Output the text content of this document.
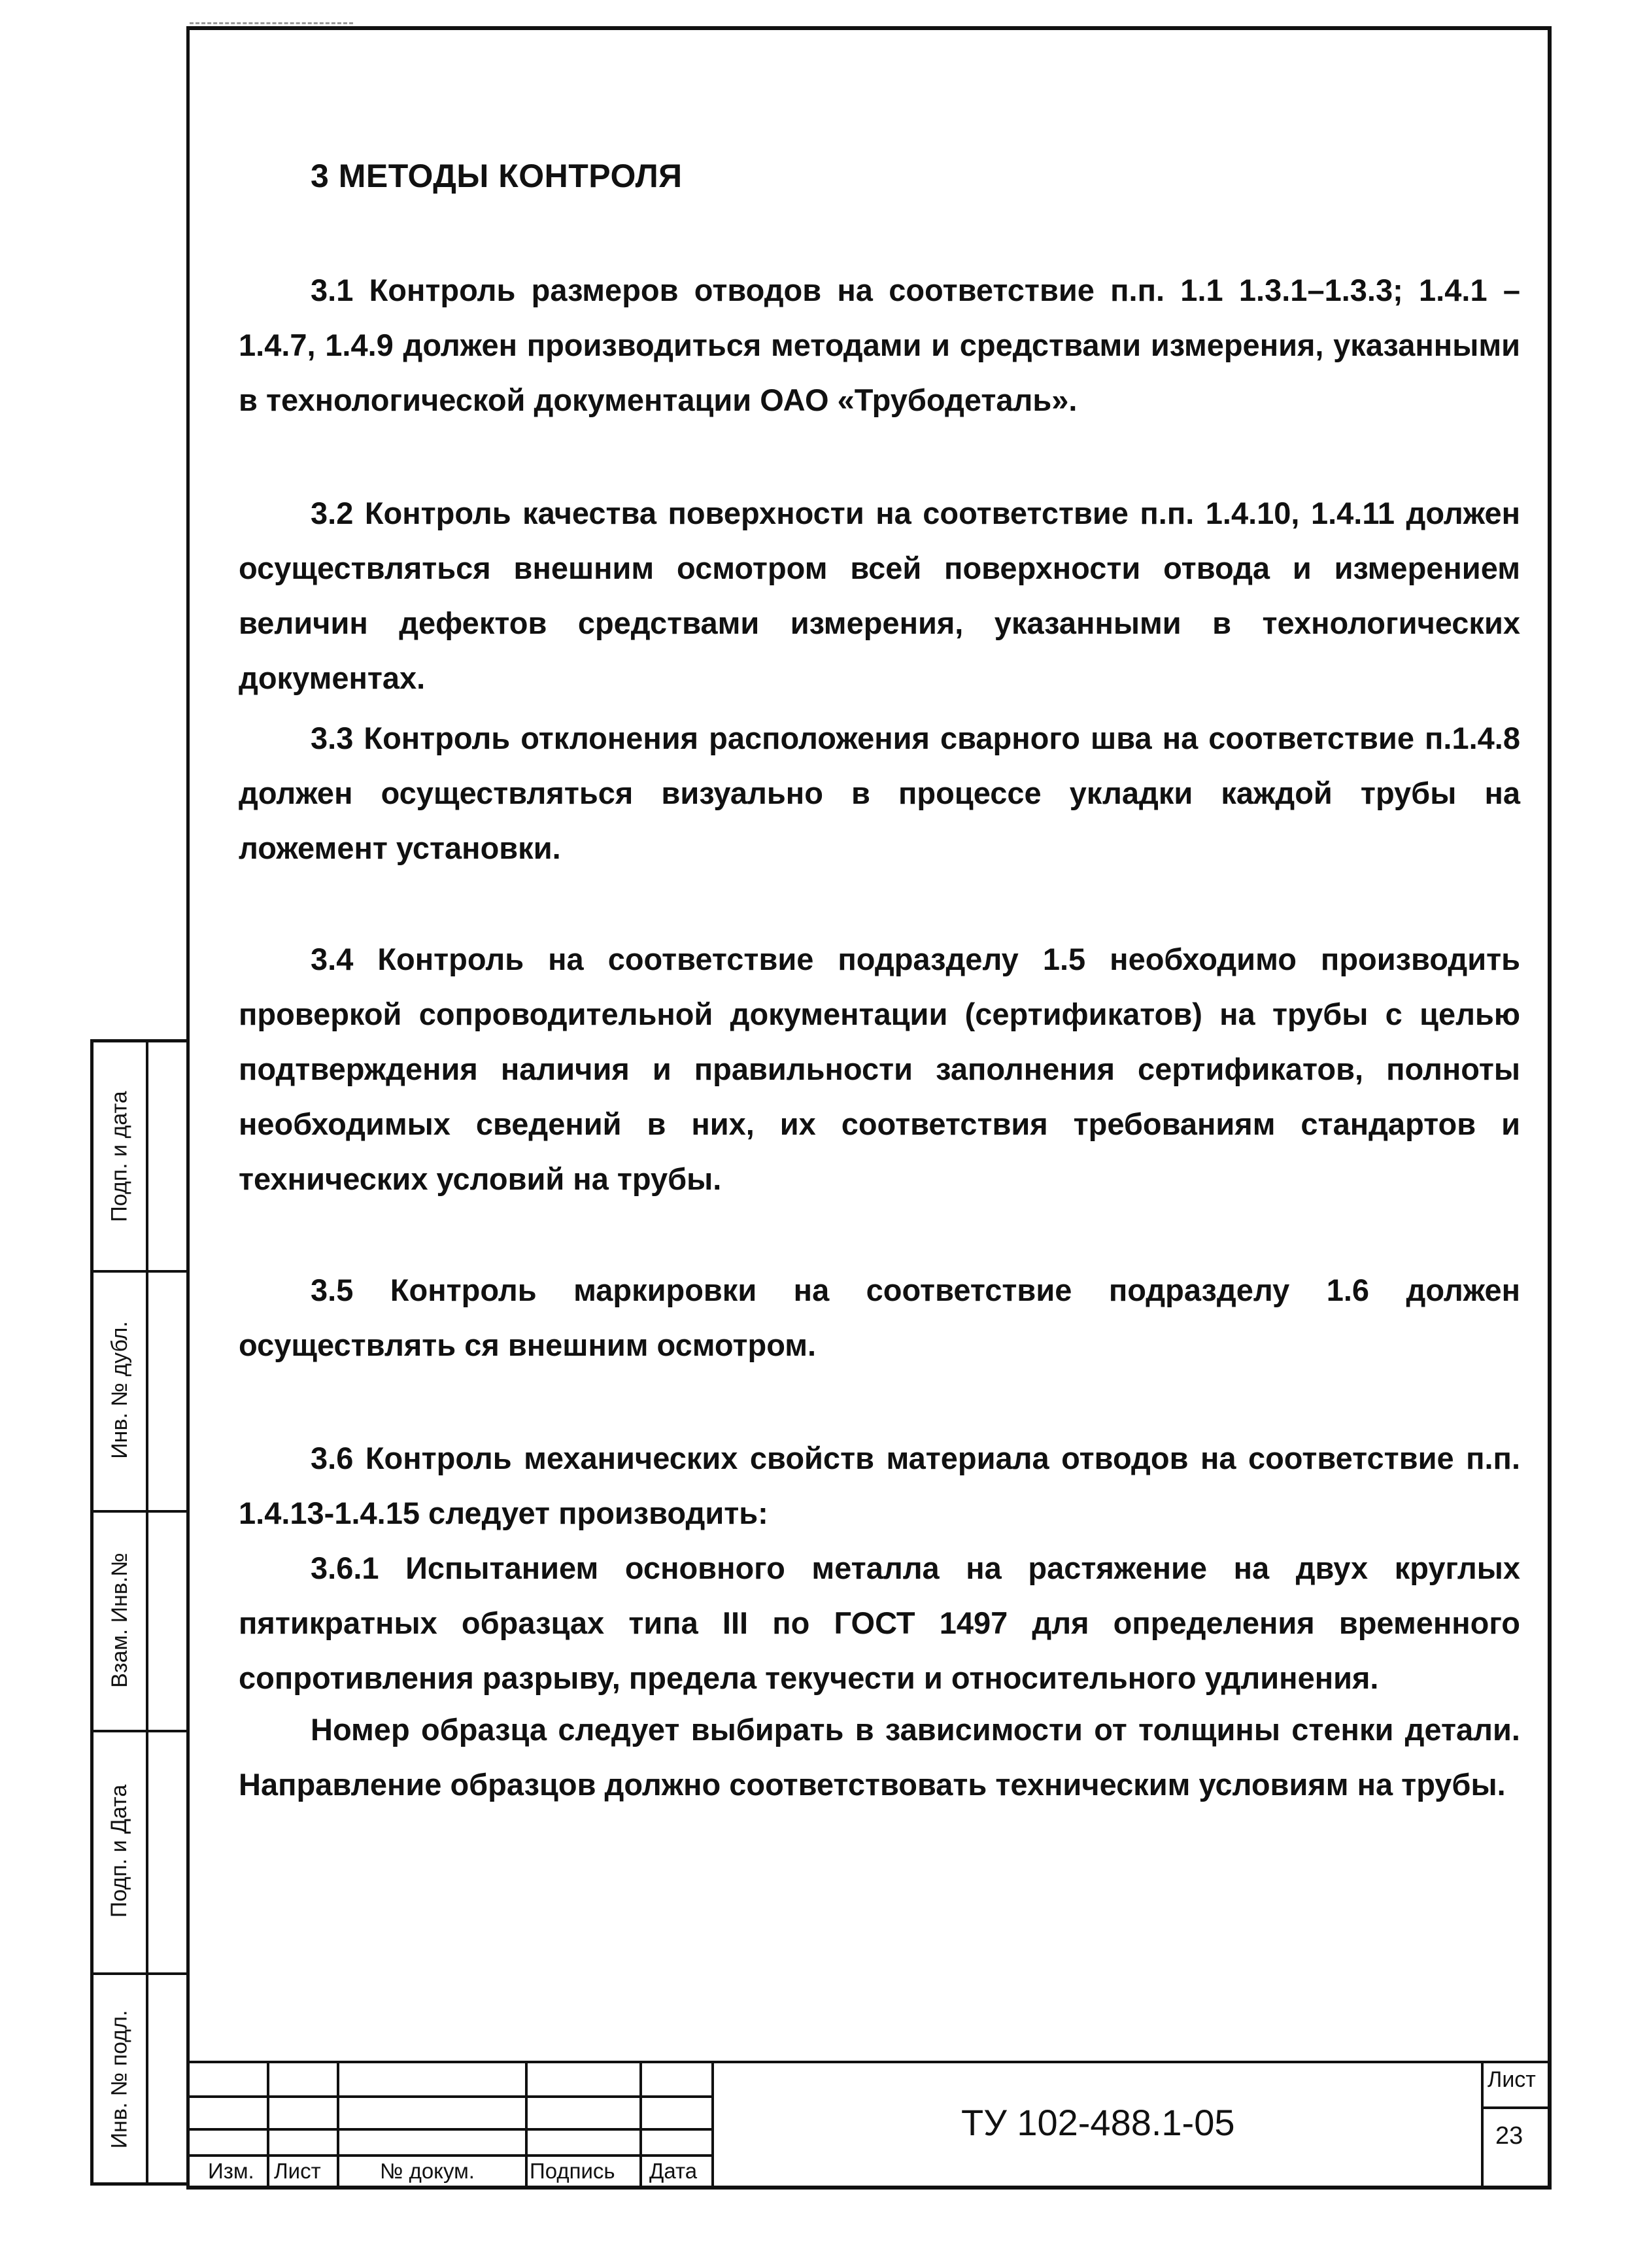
3 МЕТОДЫ КОНТРОЛЯ
3.1 Контроль размеров отводов на соответствие п.п. 1.1 1.3.1–1.3.3; 1.4.1 – 1.4.7, 1.4.9 должен производиться методами и средствами измерения, указанными в технологической документации ОАО «Трубодеталь».
3.2 Контроль качества поверхности на соответствие п.п. 1.4.10, 1.4.11 должен осуществляться внешним осмотром всей поверхности отвода и измерением величин дефектов средствами измерения, указанными в технологических документах.
3.3 Контроль отклонения расположения сварного шва на соответствие п.1.4.8 должен осуществляться визуально в процессе укладки каждой трубы на ложемент установки.
3.4 Контроль на соответствие подразделу 1.5 необходимо производить проверкой сопроводительной документации (сертификатов) на трубы с целью подтверждения наличия и правильности заполнения сертификатов, полноты необходимых сведений в них, их соответствия требованиям стандартов и технических условий на трубы.
3.5 Контроль маркировки на соответствие подразделу 1.6 должен осуществлять ся внешним осмотром.
3.6 Контроль механических свойств материала отводов на соответствие п.п. 1.4.13-1.4.15 следует производить:
3.6.1 Испытанием основного металла на растяжение на двух круглых пятикратных образцах типа III по ГОСТ 1497 для определения временного сопротивления разрыву, предела текучести и относительного удлинения.
Номер образца следует выбирать в зависимости от толщины стенки детали. Направление образцов должно соответствовать техническим условиям на трубы.
Подп. и дата
Инв. № дубл.
Взам. Инв.№
Подп. и Дата
Инв. № подл.
Изм. Лист	№ докум.	Подпись Дата
ТУ 102-488.1-05
Лист
23
